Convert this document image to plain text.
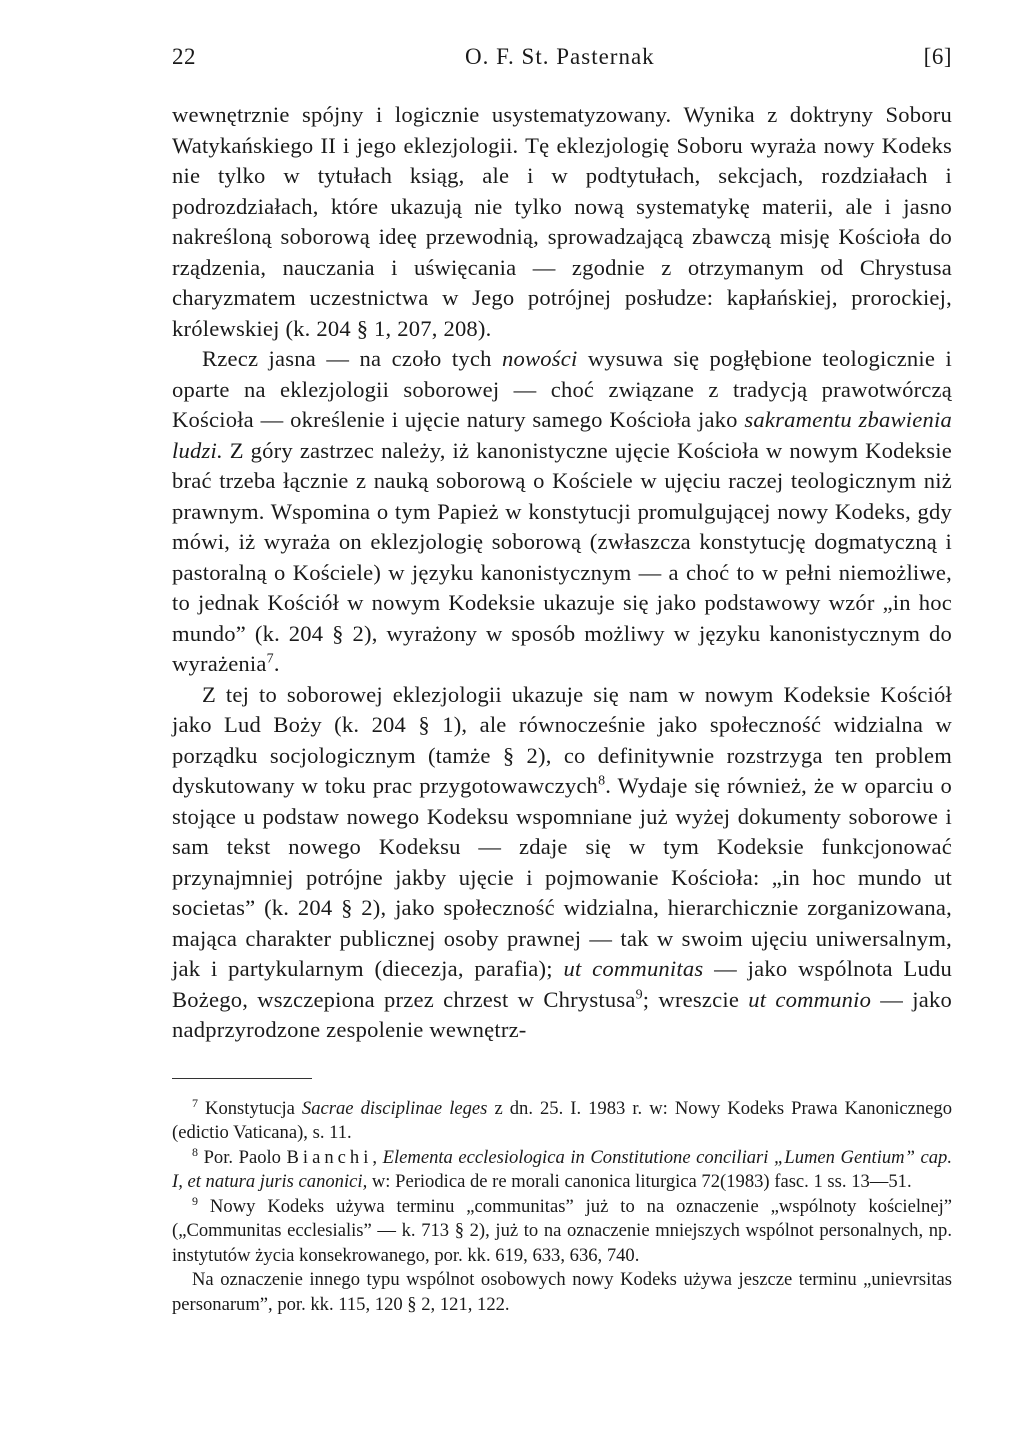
22	O. F. St. Pasternak	[6]

wewnętrznie spójny i logicznie usystematyzowany. Wynika z doktryny Soboru Watykańskiego II i jego eklezjologii. Tę eklezjologię Soboru wyraża nowy Kodeks nie tylko w tytułach ksiąg, ale i w podtytułach, sekcjach, rozdziałach i podrozdziałach, które ukazują nie tylko nową systematykę materii, ale i jasno nakreśloną soborową ideę przewodnią, sprowadzającą zbawczą misję Kościoła do rządzenia, nauczania i uświęcania — zgodnie z otrzymanym od Chrystusa charyzmatem uczestnictwa w Jego potrójnej posłudze: kapłańskiej, prorockiej, królewskiej (k. 204 § 1, 207, 208).

Rzecz jasna — na czoło tych nowości wysuwa się pogłębione teologicznie i oparte na eklezjologii soborowej — choć związane z tradycją prawotwórczą Kościoła — określenie i ujęcie natury samego Kościoła jako sakramentu zbawienia ludzi. Z góry zastrzec należy, iż kanonistyczne ujęcie Kościoła w nowym Kodeksie brać trzeba łącznie z nauką soborową o Kościele w ujęciu raczej teologicznym niż prawnym. Wspomina o tym Papież w konstytucji promulgującej nowy Kodeks, gdy mówi, iż wyraża on eklezjologię soborową (zwłaszcza konstytucję dogmatyczną i pastoralną o Kościele) w języku kanonistycznym — a choć to w pełni niemożliwe, to jednak Kościół w nowym Kodeksie ukazuje się jako podstawowy wzór „in hoc mundo” (k. 204 § 2), wyrażony w sposób możliwy w języku kanonistycznym do wyrażenia$^7$.

Z tej to soborowej eklezjologii ukazuje się nam w nowym Kodeksie Kościół jako Lud Boży (k. 204 § 1), ale równocześnie jako społeczność widzialna w porządku socjologicznym (tamże § 2), co definitywnie rozstrzyga ten problem dyskutowany w toku prac przygotowawczych$^8$. Wydaje się również, że w oparciu o stojące u podstaw nowego Kodeksu wspomniane już wyżej dokumenty soborowe i sam tekst nowego Kodeksu — zdaje się w tym Kodeksie funkcjonować przynajmniej potrójne jakby ujęcie i pojmowanie Kościoła: „in hoc mundo ut societas” (k. 204 § 2), jako społeczność widzialna, hierarchicznie zorganizowana, mająca charakter publicznej osoby prawnej — tak w swoim ujęciu uniwersalnym, jak i partykularnym (diecezja, parafia); ut communitas — jako wspólnota Ludu Bożego, wszczepiona przez chrzest w Chrystusa$^9$; wreszcie ut communio — jako nadprzyrodzone zespolenie wewnętrz-

$^7$ Konstytucja Sacrae disciplinae leges z dn. 25. I. 1983 r. w: Nowy Kodeks Prawa Kanonicznego (edictio Vaticana), s. 11.

$^8$ Por. Paolo Bianchi, Elementa ecclesiologica in Constitutione conciliari „Lumen Gentium” cap. I, et natura juris canonici, w: Periodica de re morali canonica liturgica 72(1983) fasc. 1 ss. 13—51.

$^9$ Nowy Kodeks używa terminu „communitas” już to na oznaczenie „wspólnoty kościelnej” („Communitas ecclesialis” — k. 713 § 2), już to na oznaczenie mniejszych wspólnot personalnych, np. instytutów życia konsekrowanego, por. kk. 619, 633, 636, 740.

Na oznaczenie innego typu wspólnot osobowych nowy Kodeks używa jeszcze terminu „unievrsitas personarum”, por. kk. 115, 120 § 2, 121, 122.
